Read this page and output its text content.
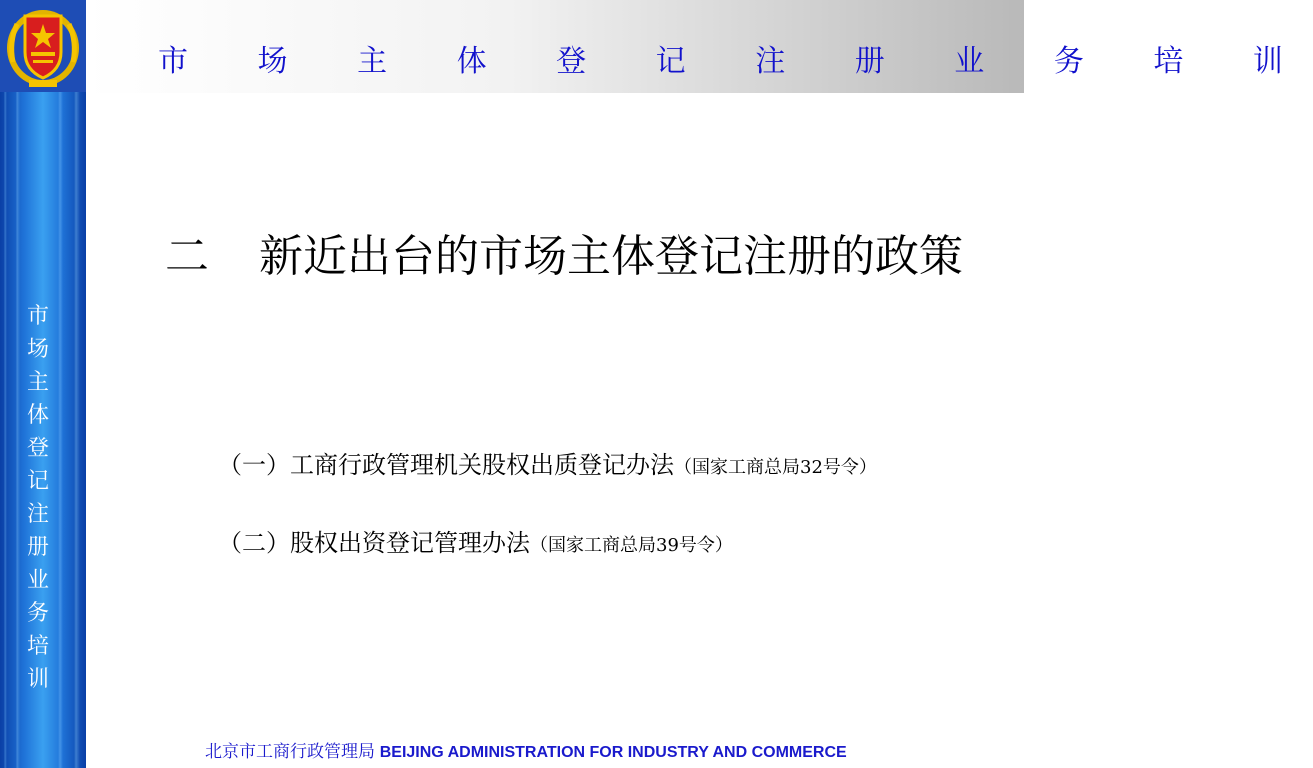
市场主体登记注册业务培训
市 场 主 体 登 记 注 册 业 务 培 训
二 新近出台的市场主体登记注册的政策
（一）工商行政管理机关股权出质登记办法（国家工商总局32号令）
（二）股权出资登记管理办法（国家工商总局39号令）
北京市工商行政管理局 BEIJING ADMINISTRATION FOR INDUSTRY AND COMMERCE
